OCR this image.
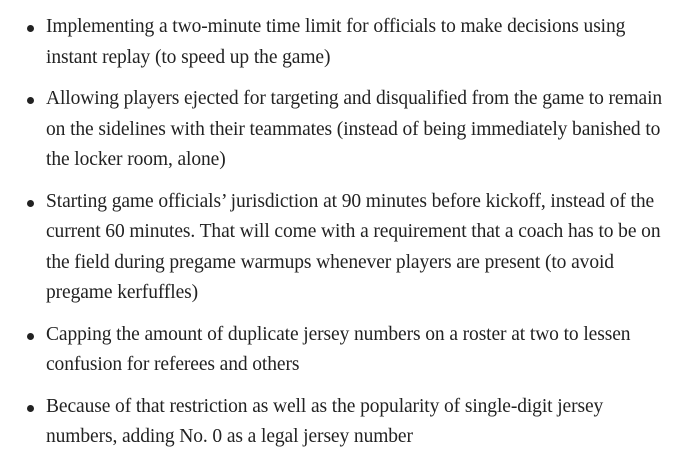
Implementing a two-minute time limit for officials to make decisions using instant replay (to speed up the game)
Allowing players ejected for targeting and disqualified from the game to remain on the sidelines with their teammates (instead of being immediately banished to the locker room, alone)
Starting game officials’ jurisdiction at 90 minutes before kickoff, instead of the current 60 minutes. That will come with a requirement that a coach has to be on the field during pregame warmups whenever players are present (to avoid pregame kerfuffles)
Capping the amount of duplicate jersey numbers on a roster at two to lessen confusion for referees and others
Because of that restriction as well as the popularity of single-digit jersey numbers, adding No. 0 as a legal jersey number
